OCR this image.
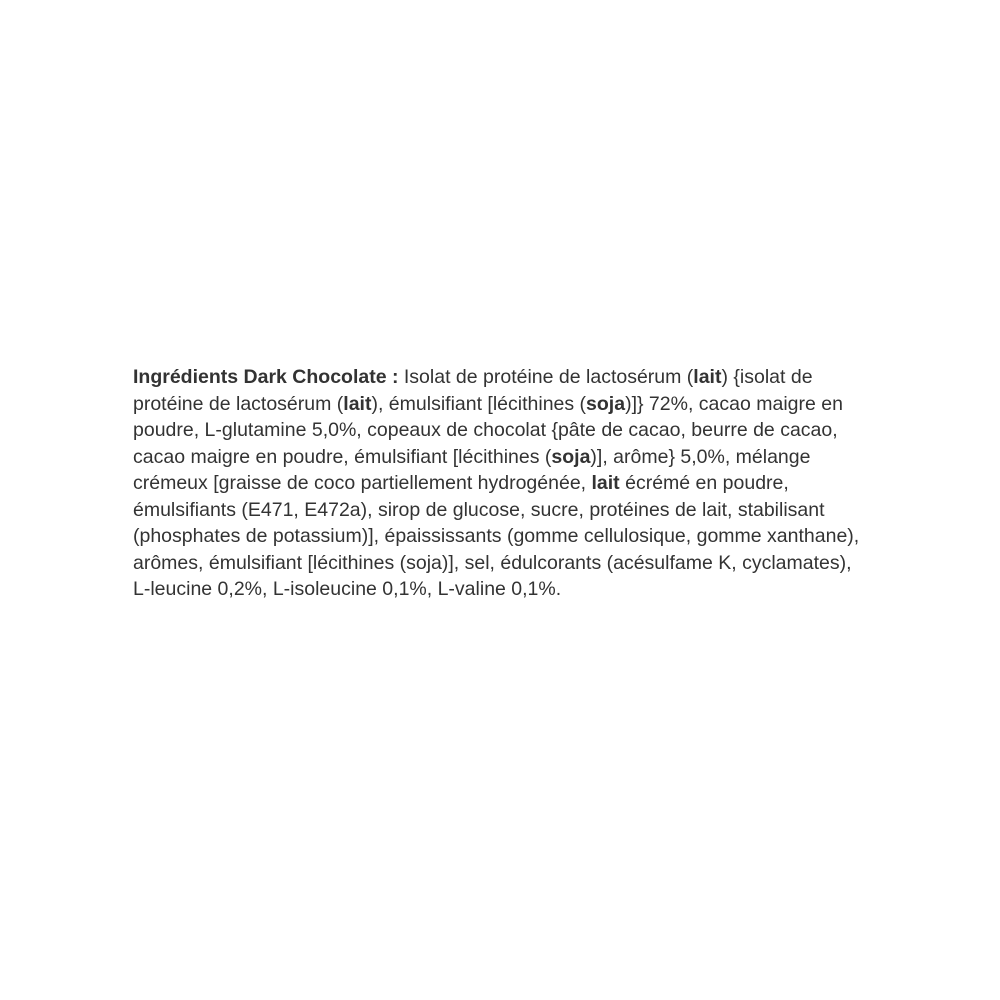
Ingrédients Dark Chocolate : Isolat de protéine de lactosérum (lait) {isolat de
protéine de lactosérum (lait), émulsifiant [lécithines (soja)]} 72%, cacao maigre en
poudre, L-glutamine 5,0%, copeaux de chocolat {pâte de cacao, beurre de cacao,
cacao maigre en poudre, émulsifiant [lécithines (soja)], arôme} 5,0%, mélange
crémeux [graisse de coco partiellement hydrogénée, lait écrémé en poudre,
émulsifiants (E471, E472a), sirop de glucose, sucre, protéines de lait, stabilisant
(phosphates de potassium)], épaississants (gomme cellulosique, gomme xanthane),
arômes, émulsifiant [lécithines (soja)], sel, édulcorants (acésulfame K, cyclamates),
L-leucine 0,2%, L-isoleucine 0,1%, L-valine 0,1%.
